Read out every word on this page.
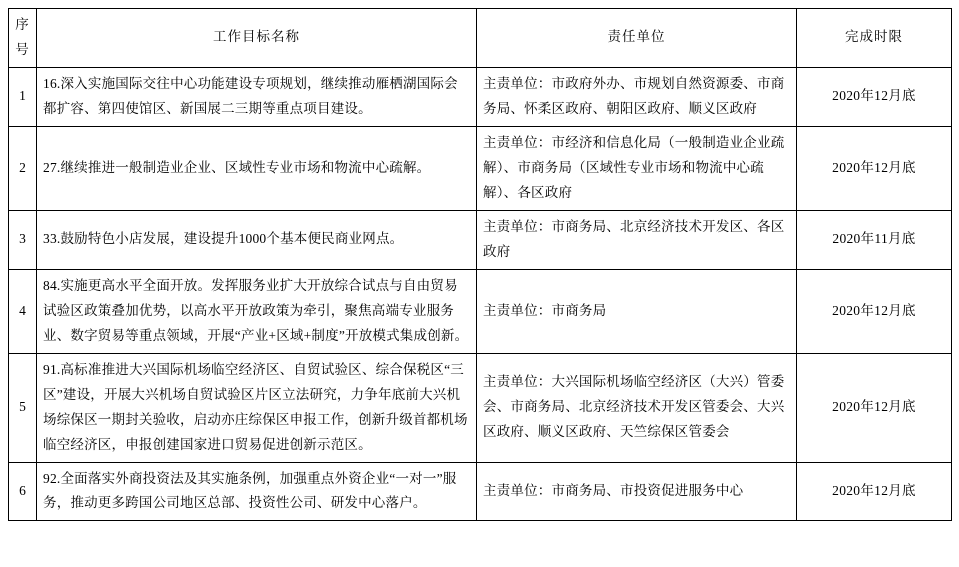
序
号	工作目标名称	责任单位	完成时限
1	16.深入实施国际交往中心功能建设专项规划，继续推动雁栖湖国际会都扩容、第四使馆区、新国展二三期等重点项目建设。	主责单位：市政府外办、市规划自然资源委、市商务局、怀柔区政府、朝阳区政府、顺义区政府	2020年12月底
2	27.继续推进一般制造业企业、区域性专业市场和物流中心疏解。	主责单位：市经济和信息化局（一般制造业企业疏解）、市商务局（区域性专业市场和物流中心疏解）、各区政府	2020年12月底
3	33.鼓励特色小店发展，建设提升1000个基本便民商业网点。	主责单位：市商务局、北京经济技术开发区、各区政府	2020年11月底
4	84.实施更高水平全面开放。发挥服务业扩大开放综合试点与自由贸易试验区政策叠加优势，以高水平开放政策为牵引，聚焦高端专业服务业、数字贸易等重点领域，开展“产业+区域+制度”开放模式集成创新。	主责单位：市商务局	2020年12月底
5	91.高标准推进大兴国际机场临空经济区、自贸试验区、综合保税区“三区”建设，开展大兴机场自贸试验区片区立法研究，力争年底前大兴机场综保区一期封关验收，启动亦庄综保区申报工作，创新升级首都机场临空经济区，申报创建国家进口贸易促进创新示范区。	主责单位：大兴国际机场临空经济区（大兴）管委会、市商务局、北京经济技术开发区管委会、大兴区政府、顺义区政府、天竺综保区管委会	2020年12月底
6	92.全面落实外商投资法及其实施条例，加强重点外资企业“一对一”服务，推动更多跨国公司地区总部、投资性公司、研发中心落户。	主责单位：市商务局、市投资促进服务中心	2020年12月底
